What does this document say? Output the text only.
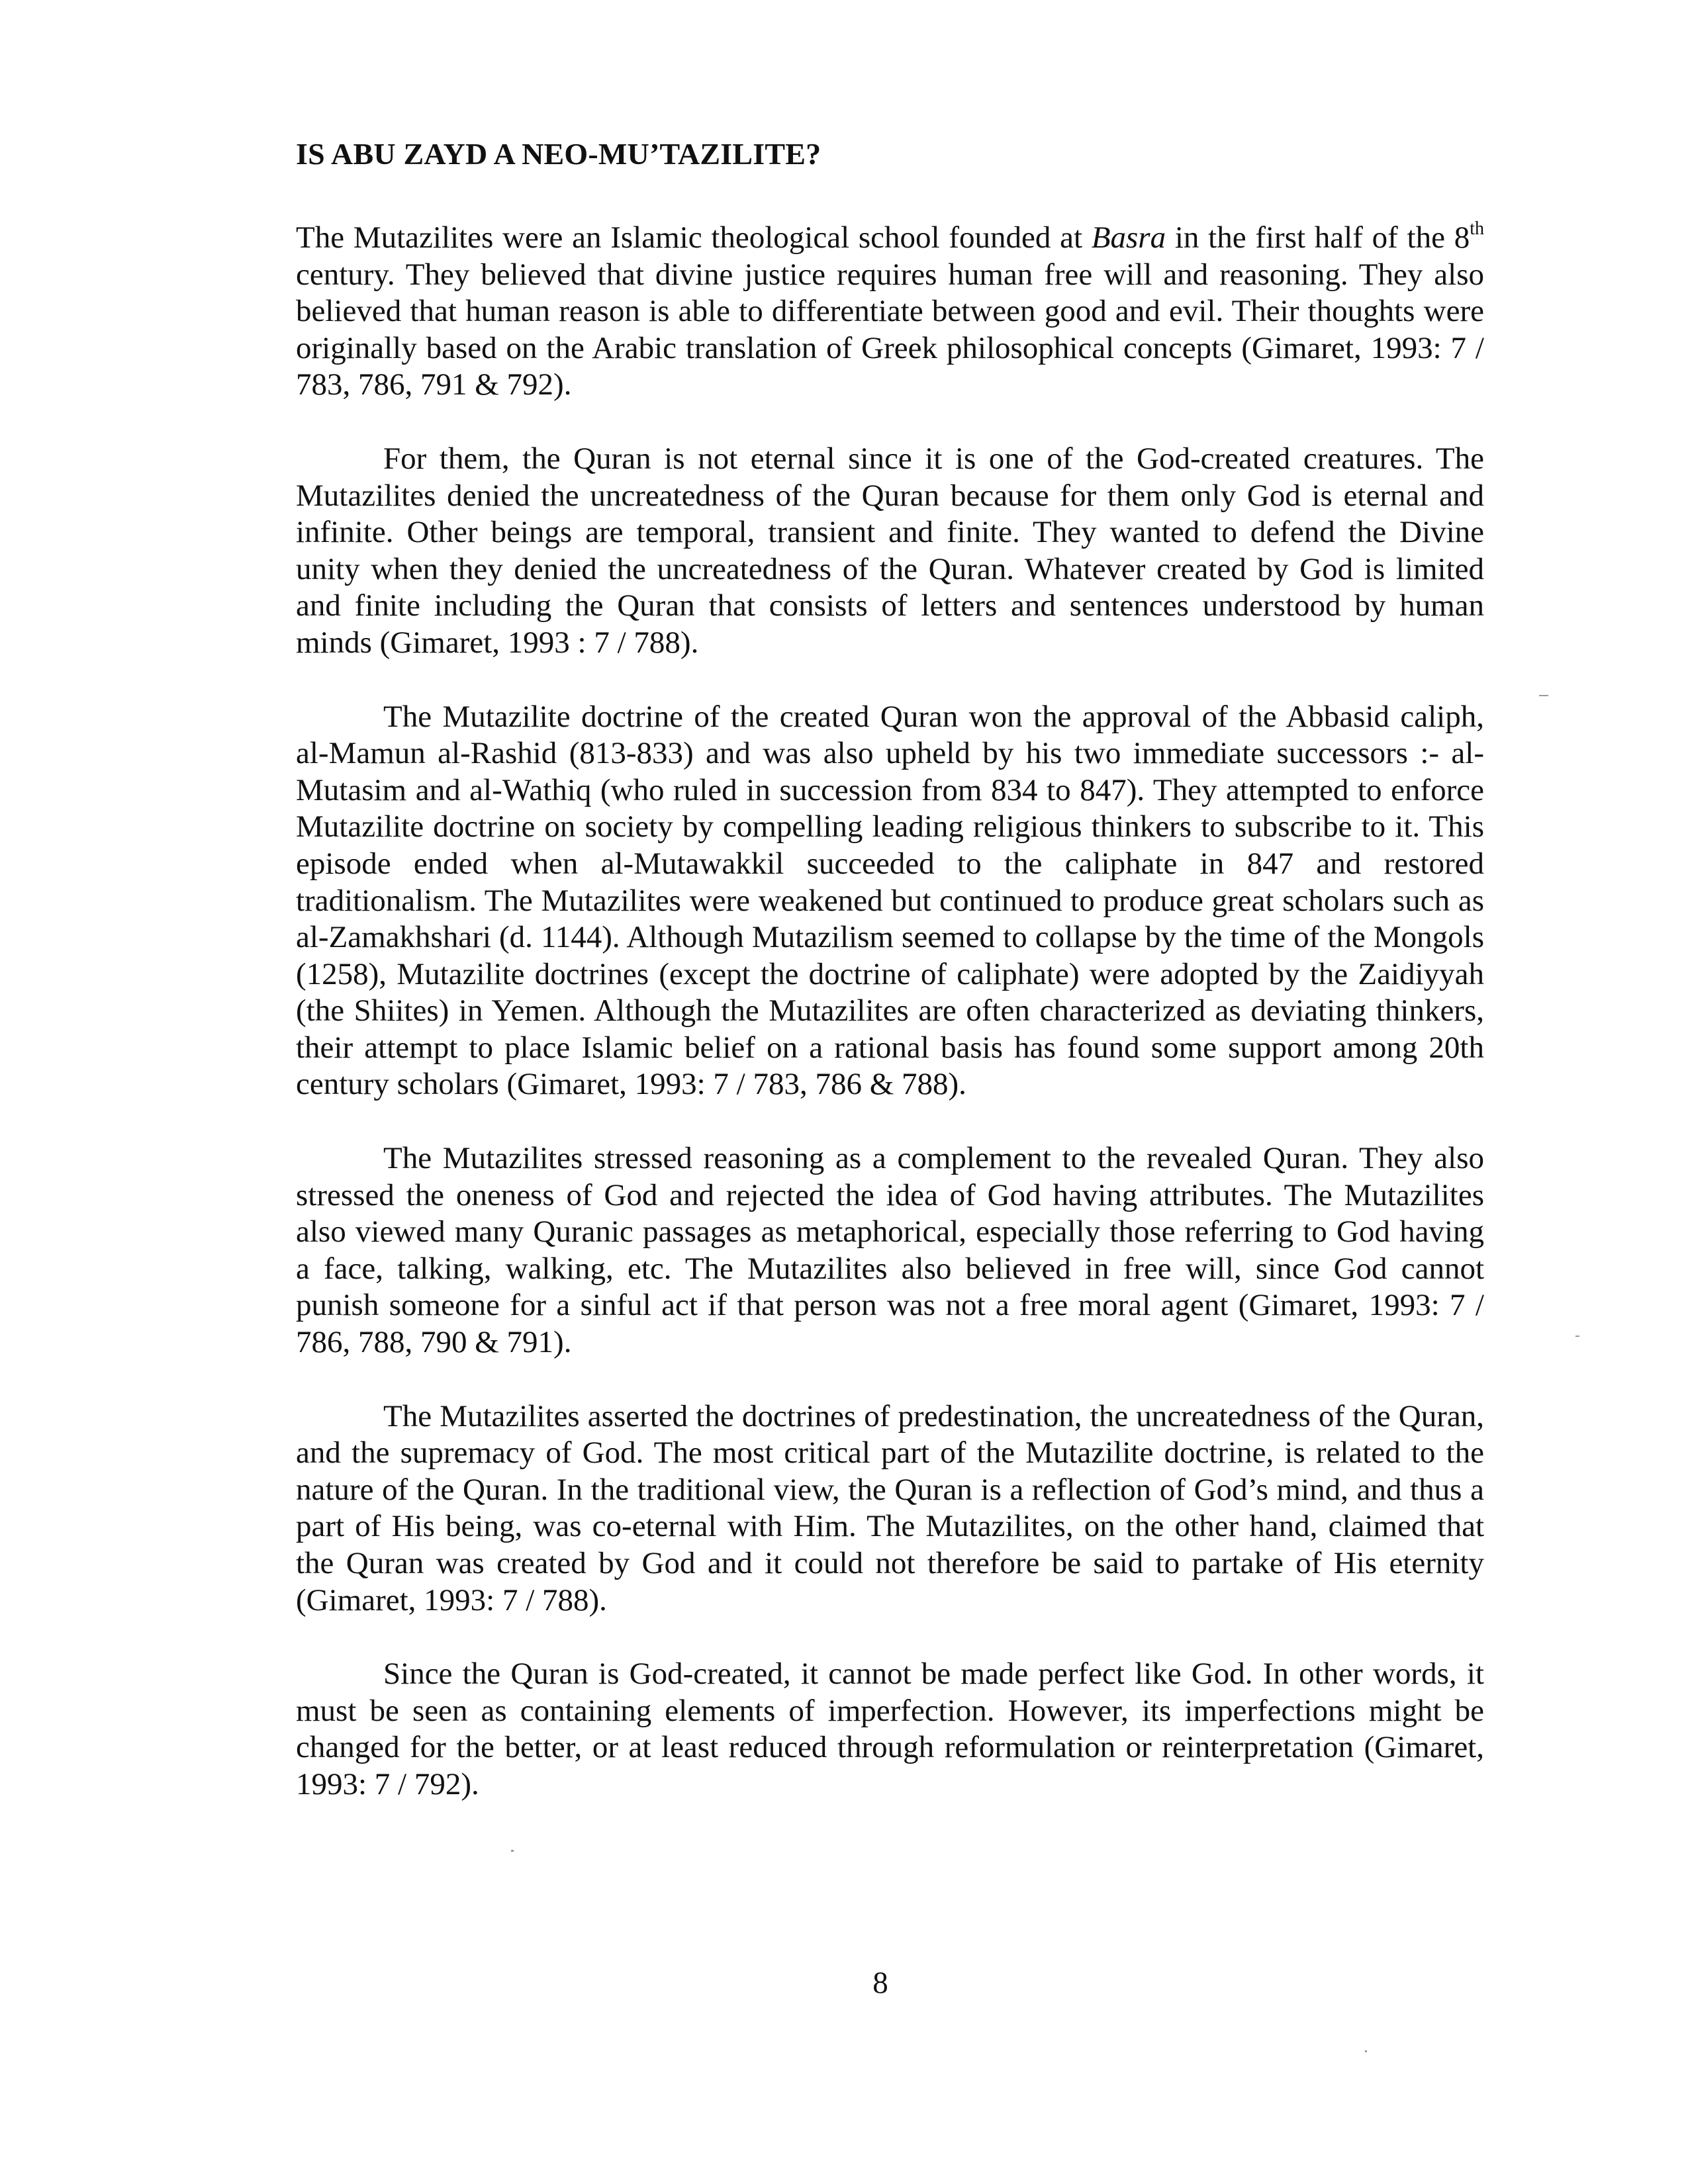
IS ABU ZAYD A NEO-MU’TAZILITE?

The Mutazilites were an Islamic theological school founded at Basra in the first half of the 8th century. They believed that divine justice requires human free will and reasoning. They also believed that human reason is able to differentiate between good and evil. Their thoughts were originally based on the Arabic translation of Greek philosophical concepts (Gimaret, 1993: 7 / 783, 786, 791 & 792).

For them, the Quran is not eternal since it is one of the God-created creatures. The Mutazilites denied the uncreatedness of the Quran because for them only God is eternal and infinite. Other beings are temporal, transient and finite. They wanted to defend the Divine unity when they denied the uncreatedness of the Quran. Whatever created by God is limited and finite including the Quran that consists of letters and sentences understood by human minds (Gimaret, 1993 : 7 / 788).

The Mutazilite doctrine of the created Quran won the approval of the Abbasid caliph, al-Mamun al-Rashid (813-833) and was also upheld by his two immediate successors :- al-Mutasim and al-Wathiq (who ruled in succession from 834 to 847). They attempted to enforce Mutazilite doctrine on society by compelling leading religious thinkers to subscribe to it. This episode ended when al-Mutawakkil succeeded to the caliphate in 847 and restored traditionalism. The Mutazilites were weakened but continued to produce great scholars such as al-Zamakhshari (d. 1144). Although Mutazilism seemed to collapse by the time of the Mongols (1258), Mutazilite doctrines (except the doctrine of caliphate) were adopted by the Zaidiyyah (the Shiites) in Yemen. Although the Mutazilites are often characterized as deviating thinkers, their attempt to place Islamic belief on a rational basis has found some support among 20th century scholars (Gimaret, 1993: 7 / 783, 786 & 788).

The Mutazilites stressed reasoning as a complement to the revealed Quran. They also stressed the oneness of God and rejected the idea of God having attributes. The Mutazilites also viewed many Quranic passages as metaphorical, especially those referring to God having a face, talking, walking, etc. The Mutazilites also believed in free will, since God cannot punish someone for a sinful act if that person was not a free moral agent (Gimaret, 1993: 7 / 786, 788, 790 & 791).

The Mutazilites asserted the doctrines of predestination, the uncreatedness of the Quran, and the supremacy of God. The most critical part of the Mutazilite doctrine, is related to the nature of the Quran. In the traditional view, the Quran is a reflection of God’s mind, and thus a part of His being, was co-eternal with Him. The Mutazilites, on the other hand, claimed that the Quran was created by God and it could not therefore be said to partake of His eternity (Gimaret, 1993: 7 / 788).

Since the Quran is God-created, it cannot be made perfect like God. In other words, it must be seen as containing elements of imperfection. However, its imperfections might be changed for the better, or at least reduced through reformulation or reinterpretation (Gimaret, 1993: 7 / 792).

8
